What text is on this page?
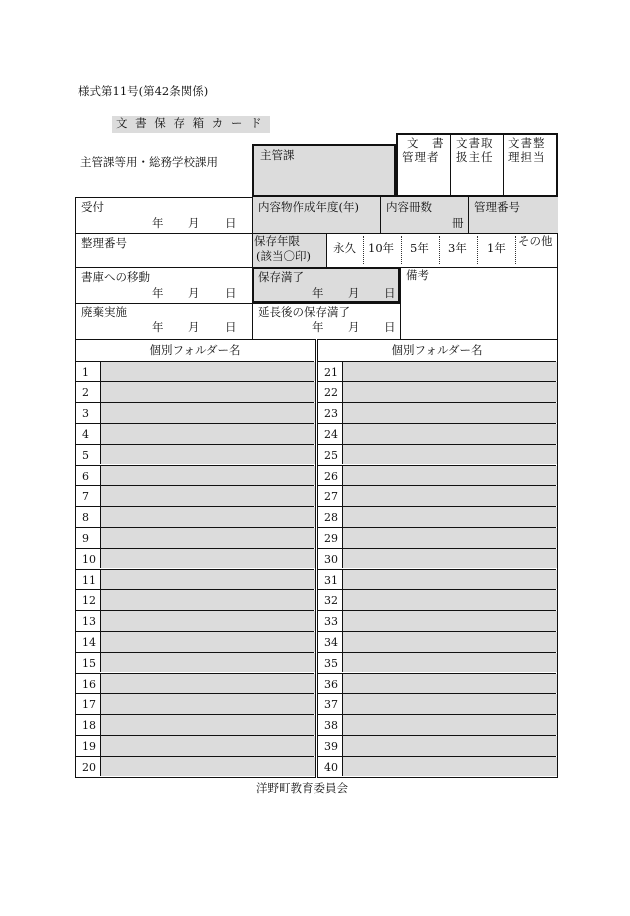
様式第11号(第42条関係)
文 書 保 存 箱 カ ー ド
主管課等用・総務学校課用	主管課
文　書
管理者
文書取
扱主任
文書整
理担当
受付
年 月 日
内容物作成年度(年) 内容冊数
冊
管理番号
整理番号	保存年限
(該当〇印)
永久 10年 5年 3年 1年 その他
書庫への移動
年 月 日
保存満了
年 月 日
備考
廃棄実施
年 月 日
延長後の保存満了
年 月 日
個別フォルダー名
1
2
3
4
5
6
7
8
9
10
11
12
13
14
15
16
17
18
19
20
個別フォルダー名
21
22
23
24
25
26
27
28
29
30
31
32
33
34
35
36
37
38
39
40
洋野町教育委員会
